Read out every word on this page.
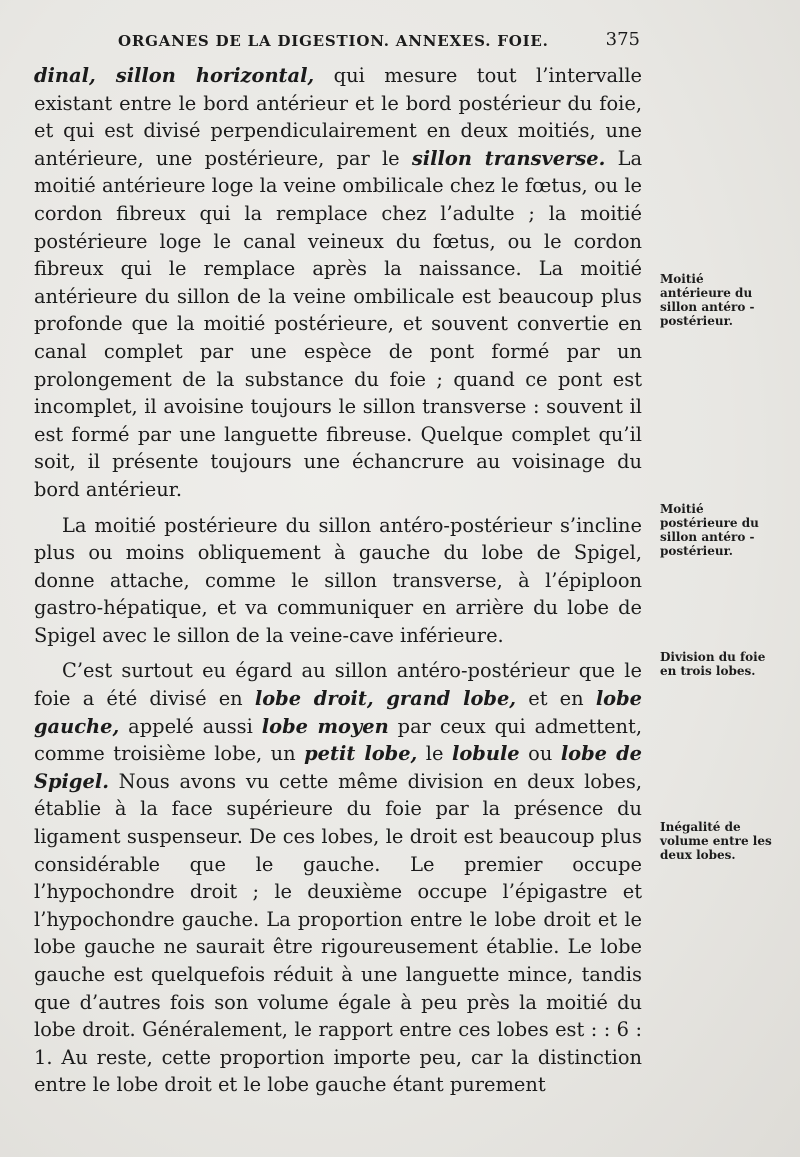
ORGANES DE LA DIGESTION. ANNEXES. FOIE.	375

dinal, sillon horizontal, qui mesure tout l’intervalle existant entre le bord antérieur et le bord postérieur du foie, et qui est divisé perpendiculairement en deux moitiés, une antérieure, une postérieure, par le sillon transverse. La moitié antérieure loge la veine ombilicale chez le fœtus, ou le cordon fibreux qui la remplace chez l’adulte ; la moitié postérieure loge le canal veineux du fœtus, ou le cordon fibreux qui le remplace après la naissance. La moitié antérieure du sillon de la veine ombilicale est beaucoup plus profonde que la moitié postérieure, et souvent convertie en canal complet par une espèce de pont formé par un prolongement de la substance du foie ; quand ce pont est incomplet, il avoisine toujours le sillon transverse : souvent il est formé par une languette fibreuse. Quelque complet qu’il soit, il présente toujours une échancrure au voisinage du bord antérieur.

La moitié postérieure du sillon antéro-postérieur s’incline plus ou moins obliquement à gauche du lobe de Spigel, donne attache, comme le sillon transverse, à l’épiploon gastro-hépatique, et va communiquer en arrière du lobe de Spigel avec le sillon de la veine-cave inférieure.

C’est surtout eu égard au sillon antéro-postérieur que le foie a été divisé en lobe droit, grand lobe, et en lobe gauche, appelé aussi lobe moyen par ceux qui admettent, comme troisième lobe, un petit lobe, le lobule ou lobe de Spigel. Nous avons vu cette même division en deux lobes, établie à la face supérieure du foie par la présence du ligament suspenseur. De ces lobes, le droit est beaucoup plus considérable que le gauche. Le premier occupe l’hypochondre droit ; le deuxième occupe l’épigastre et l’hypochondre gauche. La proportion entre le lobe droit et le lobe gauche ne saurait être rigoureusement établie. Le lobe gauche est quelquefois réduit à une languette mince, tandis que d’autres fois son volume égale à peu près la moitié du lobe droit. Généralement, le rapport entre ces lobes est : : 6 : 1. Au reste, cette proportion importe peu, car la distinction entre le lobe droit et le lobe gauche étant purement

Moitié antérieure du sillon antéro - postérieur.
Moitié postérieure du sillon antéro - postérieur.
Division du foie en trois lobes.
Inégalité de volume entre les deux lobes.
